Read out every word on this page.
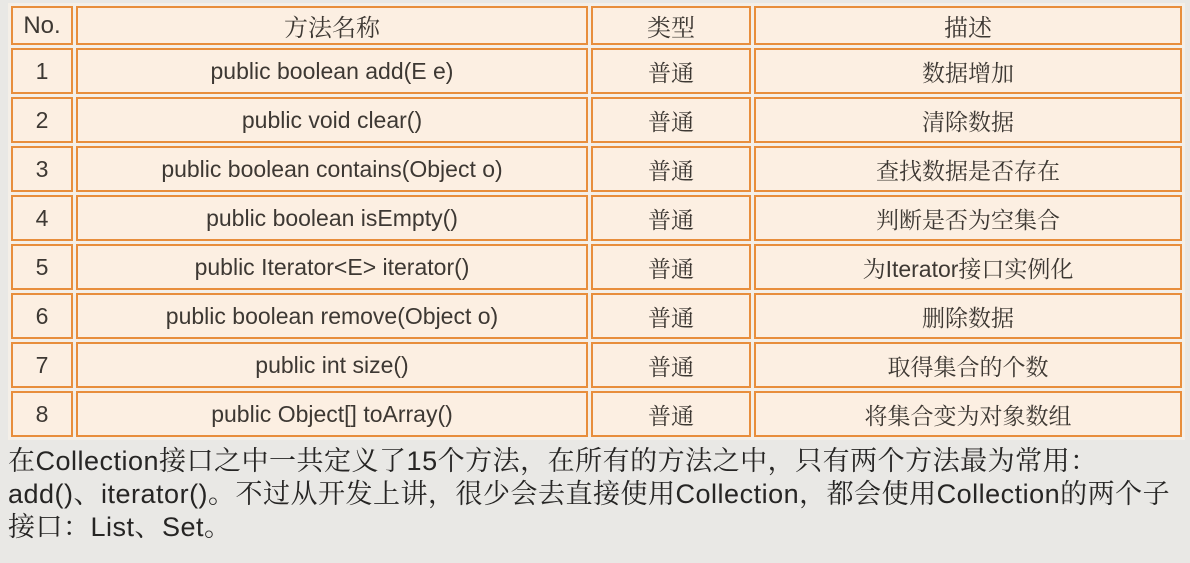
No.	方法名称	类型	描述
1	public boolean add(E e)	普通	数据增加
2	public void clear()	普通	清除数据
3	public boolean contains(Object o)	普通	查找数据是否存在
4	public boolean isEmpty()	普通	判断是否为空集合
5	public Iterator<E> iterator()	普通	为Iterator接口实例化
6	public boolean remove(Object o)	普通	删除数据
7	public int size()	普通	取得集合的个数
8	public Object[] toArray()	普通	将集合变为对象数组

在Collection接口之中一共定义了15个方法，在所有的方法之中，只有两个方法最为常用：add()、iterator()。不过从开发上讲，很少会去直接使用Collection，都会使用Collection的两个子接口：List、Set。
